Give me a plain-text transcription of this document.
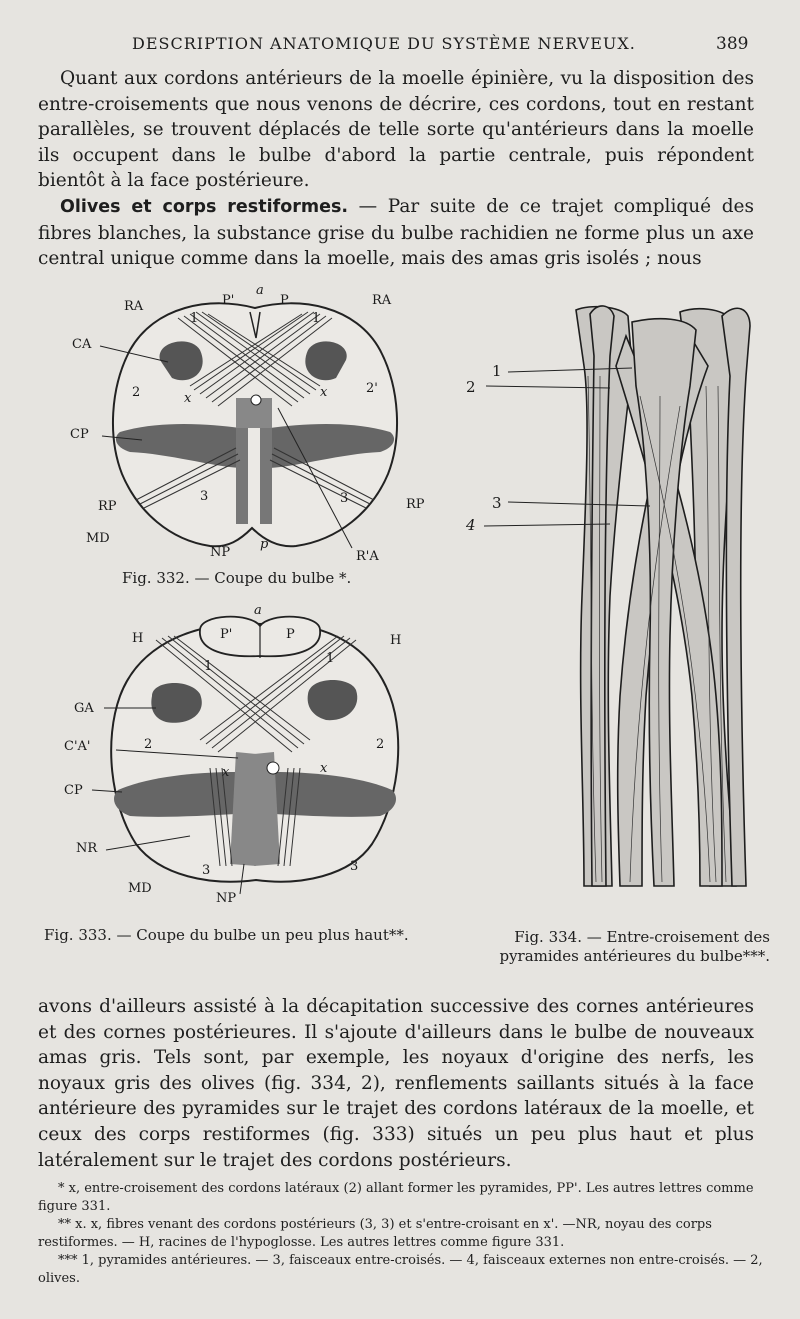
DESCRIPTION ANATOMIQUE DU SYSTÈME NERVEUX.	389

Quant aux cordons antérieurs de la moelle épinière, vu la disposition des entre-croisements que nous venons de décrire, ces cordons, tout en restant parallèles, se trouvent déplacés de telle sorte qu'antérieurs dans la moelle ils occupent dans le bulbe d'abord la partie centrale, puis répondent bientôt à la face postérieure.

Olives et corps restiformes. — Par suite de ce trajet compliqué des fibres blanches, la substance grise du bulbe rachidien ne forme plus un axe central unique comme dans la moelle, mais des amas gris isolés ; nous

a
P'	P
RA	RA
1	1
CA
x	x
2	2'
CP
RP	RP
3	3
MD
NP
p
R'A
Fig. 332. — Coupe du bulbe *.
a
P'	P
H	H
1
1
GA
C'A'	2	2
CP
x	x
NR
3	3
MD
NP
Fig. 333. — Coupe du bulbe un peu plus haut**.
1
2
3
4
Fig. 334. — Entre-croisement des
pyramides antérieures du bulbe***.

avons d'ailleurs assisté à la décapitation successive des cornes antérieures et des cornes postérieures. Il s'ajoute d'ailleurs dans le bulbe de nouveaux amas gris. Tels sont, par exemple, les noyaux d'origine des nerfs, les noyaux gris des olives (fig. 334, 2), renflements saillants situés à la face antérieure des pyramides sur le trajet des cordons latéraux de la moelle, et ceux des corps restiformes (fig. 333) situés un peu plus haut et plus latéralement sur le trajet des cordons postérieurs.

* x, entre-croisement des cordons latéraux (2) allant former les pyramides, PP'. Les autres lettres comme figure 331.

** x. x, fibres venant des cordons postérieurs (3, 3) et s'entre-croisant en x'. —NR, noyau des corps restiformes. — H, racines de l'hypoglosse. Les autres lettres comme figure 331.

*** 1, pyramides antérieures. — 3, faisceaux entre-croisés. — 4, faisceaux externes non entre-croisés. — 2, olives.
